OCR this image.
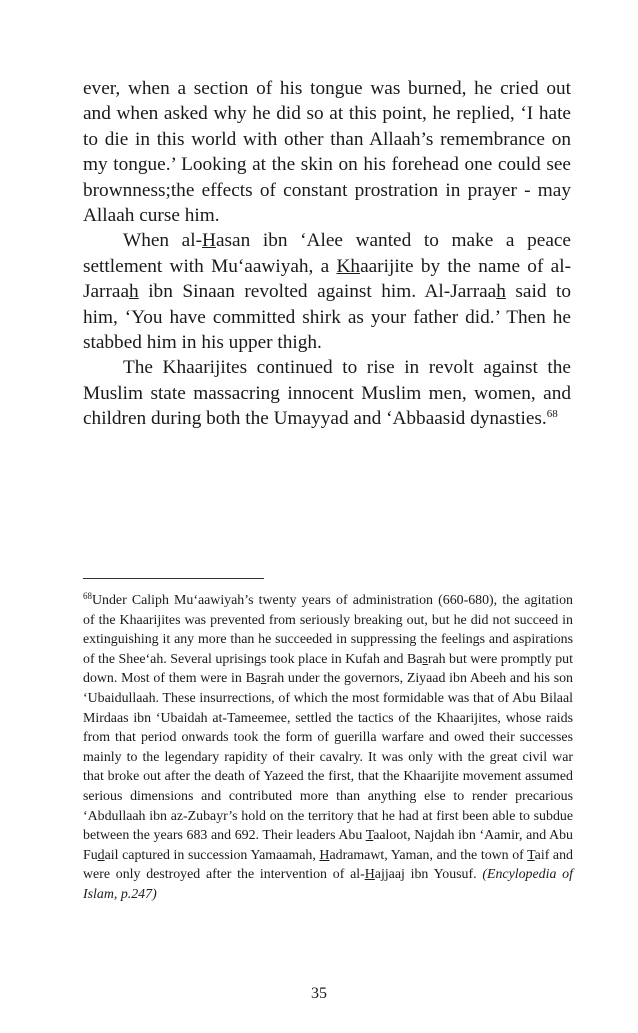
ever, when a section of his tongue was burned, he cried out and when asked why he did so at this point, he replied, ‘I hate to die in this world with other than Allaah’s remembrance on my tongue.’ Looking at the skin on his forehead one could see brownness;the effects of constant prostration in prayer - may Allaah curse him.

When al-Hasan ibn ‘Alee wanted to make a peace settlement with Mu‘aawiyah, a Khaarijite by the name of al-Jarraah ibn Sinaan revolted against him. Al-Jarraah said to him, ‘You have committed shirk as your father did.’ Then he stabbed him in his upper thigh.

The Khaarijites continued to rise in revolt against the Muslim state massacring innocent Muslim men, women, and children during both the Umayyad and ‘Abbaasid dynasties.$^{68}$

$^{68}$Under Caliph Mu‘aawiyah’s twenty years of administration (660-680), the agitation of the Khaarijites was prevented from seriously breaking out, but he did not succeed in extinguishing it any more than he succeeded in suppressing the feelings and aspirations of the Shee‘ah. Several uprisings took place in Kufah and Basrah but were promptly put down. Most of them were in Basrah under the governors, Ziyaad ibn Abeeh and his son ‘Ubaidullaah. These insurrections, of which the most formidable was that of Abu Bilaal Mirdaas ibn ‘Ubaidah at-Tameemee, settled the tactics of the Khaarijites, whose raids from that period onwards took the form of guerilla warfare and owed their successes mainly to the legendary rapidity of their cavalry. It was only with the great civil war that broke out after the death of Yazeed the first, that the Khaarijite movement assumed serious dimensions and contributed more than anything else to render precarious ‘Abdullaah ibn az-Zubayr’s hold on the territory that he had at first been able to subdue between the years 683 and 692. Their leaders Abu Taaloot, Najdah ibn ‘Aamir, and Abu Fudail captured in succession Yamaamah, Hadramawt, Yaman, and the town of Taif and were only destroyed after the intervention of al-Hajjaaj ibn Yousuf. (Encylopedia of Islam, p.247)

35
